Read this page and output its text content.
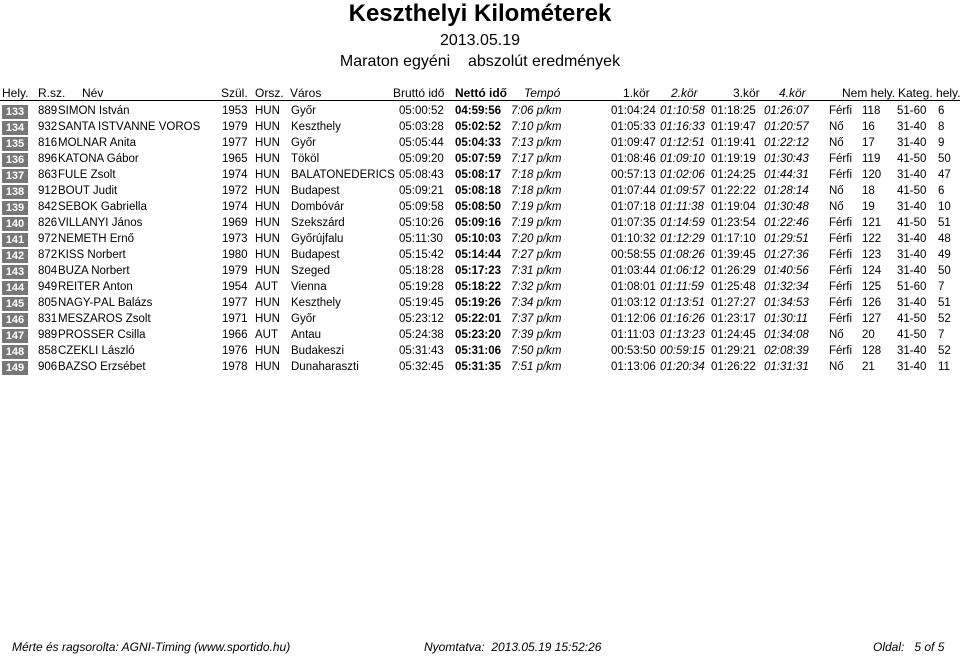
Keszthelyi Kilométerek
2013.05.19
Maraton egyéni    abszolút eredmények
Hely. R.sz. Név	Szül. Orsz. Város	Bruttó idő Nettó idő Tempó	1.kör 2.kör	3.kör 4.kör	Nem hely. Kateg. hely.
133	889 SIMON István	1953 HUN Győr	05:00:52 04:59:56 7:06 p/km	01:04:24 01:10:58 01:18:25 01:26:07 Férfi 118 51-60 6
134	932 SÁNTA ISTVÁNNÉ VÖRÖS	1979 HUN Keszthely	05:03:28 05:02:52 7:10 p/km	01:05:33 01:16:33 01:19:47 01:20:57 Nő 16 31-40 8
135	816 MOLNÁR Anita	1977 HUN Győr	05:05:44 05:04:33 7:13 p/km	01:09:47 01:12:51 01:19:41 01:22:12 Nő 17 31-40 9
136	896 KATONA Gábor	1965 HUN Tököl	05:09:20 05:07:59 7:17 p/km	01:08:46 01:09:10 01:19:19 01:30:43 Férfi 119 41-50 50
137	863 FÜLE Zsolt	1974 HUN BALATONEDERICS 05:08:43 05:08:17 7:18 p/km	00:57:13 01:02:06 01:24:25 01:44:31 Férfi 120 31-40 47
138	912 BOUT Judit	1972 HUN Budapest	05:09:21 05:08:18 7:18 p/km	01:07:44 01:09:57 01:22:22 01:28:14 Nő 18 41-50 6
139	842 SEBŐK Gabriella	1974 HUN Dombóvár	05:09:58 05:08:50 7:19 p/km	01:07:18 01:11:38 01:19:04 01:30:48 Nő 19 31-40 10
140	826 VILLÁNYI János	1969 HUN Szekszárd	05:10:26 05:09:16 7:19 p/km	01:07:35 01:14:59 01:23:54 01:22:46 Férfi 121 41-50 51
141	972 NÉMETH Ernő	1973 HUN Győrújfalu	05:11:30 05:10:03 7:20 p/km	01:10:32 01:12:29 01:17:10 01:29:51 Férfi 122 31-40 48
142	872 KISS Norbert	1980 HUN Budapest	05:15:42 05:14:44 7:27 p/km	00:58:55 01:08:26 01:39:45 01:27:36 Férfi 123 31-40 49
143	804 BUZA Norbert	1979 HUN Szeged	05:18:28 05:17:23 7:31 p/km	01:03:44 01:06:12 01:26:29 01:40:56 Férfi 124 31-40 50
144	949 REITER Anton	1954 AUT Vienna	05:19:28 05:18:22 7:32 p/km	01:08:01 01:11:59 01:25:48 01:32:34 Férfi 125 51-60 7
145	805 NAGY-PÁL Balázs	1977 HUN Keszthely	05:19:45 05:19:26 7:34 p/km	01:03:12 01:13:51 01:27:27 01:34:53 Férfi 126 31-40 51
146	831 MÉSZÁROS Zsolt	1971 HUN Győr	05:23:12 05:22:01 7:37 p/km	01:12:06 01:16:26 01:23:17 01:30:11 Férfi 127 41-50 52
147	989 PROSSER Csilla	1966 AUT Antau	05:24:38 05:23:20 7:39 p/km	01:11:03 01:13:23 01:24:45 01:34:08 Nő 20 41-50 7
148	858 CZÉKLI László	1976 HUN Budakeszi	05:31:43 05:31:06 7:50 p/km	00:53:50 00:59:15 01:29:21 02:08:39 Férfi 128 31-40 52
149	906 BAZSÓ Erzsébet	1978 HUN Dunaharaszti	05:32:45 05:31:35 7:51 p/km	01:13:06 01:20:34 01:26:22 01:31:31 Nő 21 31-40 11
Mérte és ragsorolta: AGNI-Timing (www.sportido.hu)	Nyomtatva:  2013.05.19 15:52:26	Oldal:   5 of 5
